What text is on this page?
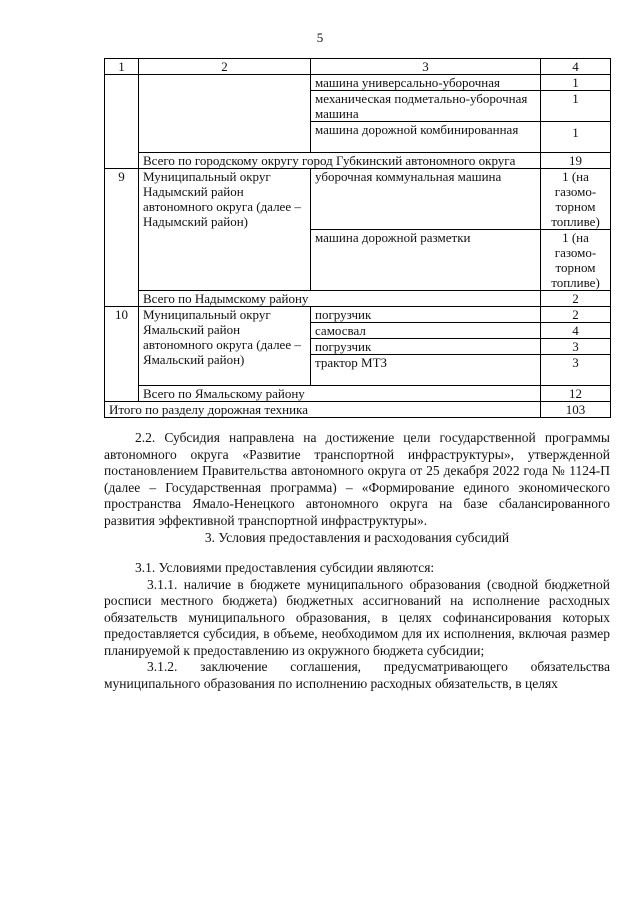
5
1	2	3	4
		машина универсально-уборочная	1
		механическая подметально-уборочная машина	1
		машина дорожной комбинированная	1
	Всего по городскому округу город Губкинский автономного округа		19
9	Муниципальный округ Надымский район автономного округа (далее – Надымский район)	уборочная коммунальная машина	1 (на газомо-торном топливе)
		машина дорожной разметки	1 (на газомо-торном топливе)
	Всего по Надымскому району		2
10	Муниципальный округ Ямальский район автономного округа (далее – Ямальский район)	погрузчик	2
		самосвал	4
		погрузчик	3
		трактор МТЗ	3
	Всего по Ямальскому району		12
Итого по разделу дорожная техника			103

2.2. Субсидия направлена на достижение цели государственной программы автономного округа «Развитие транспортной инфраструктуры», утвержденной постановлением Правительства автономного округа от 25 декабря 2022 года № 1124-П (далее – Государственная программа) – «Формирование единого экономического пространства Ямало-Ненецкого автономного округа на базе сбалансированного развития эффективной транспортной инфраструктуры».

3. Условия предоставления и расходования субсидий

3.1. Условиями предоставления субсидии являются:

3.1.1. наличие в бюджете муниципального образования (сводной бюджетной росписи местного бюджета) бюджетных ассигнований на исполнение расходных обязательств муниципального образования, в целях софинансирования которых предоставляется субсидия, в объеме, необходимом для их исполнения, включая размер планируемой к предоставлению из окружного бюджета субсидии;

3.1.2. заключение соглашения, предусматривающего обязательства муниципального образования по исполнению расходных обязательств, в целях
